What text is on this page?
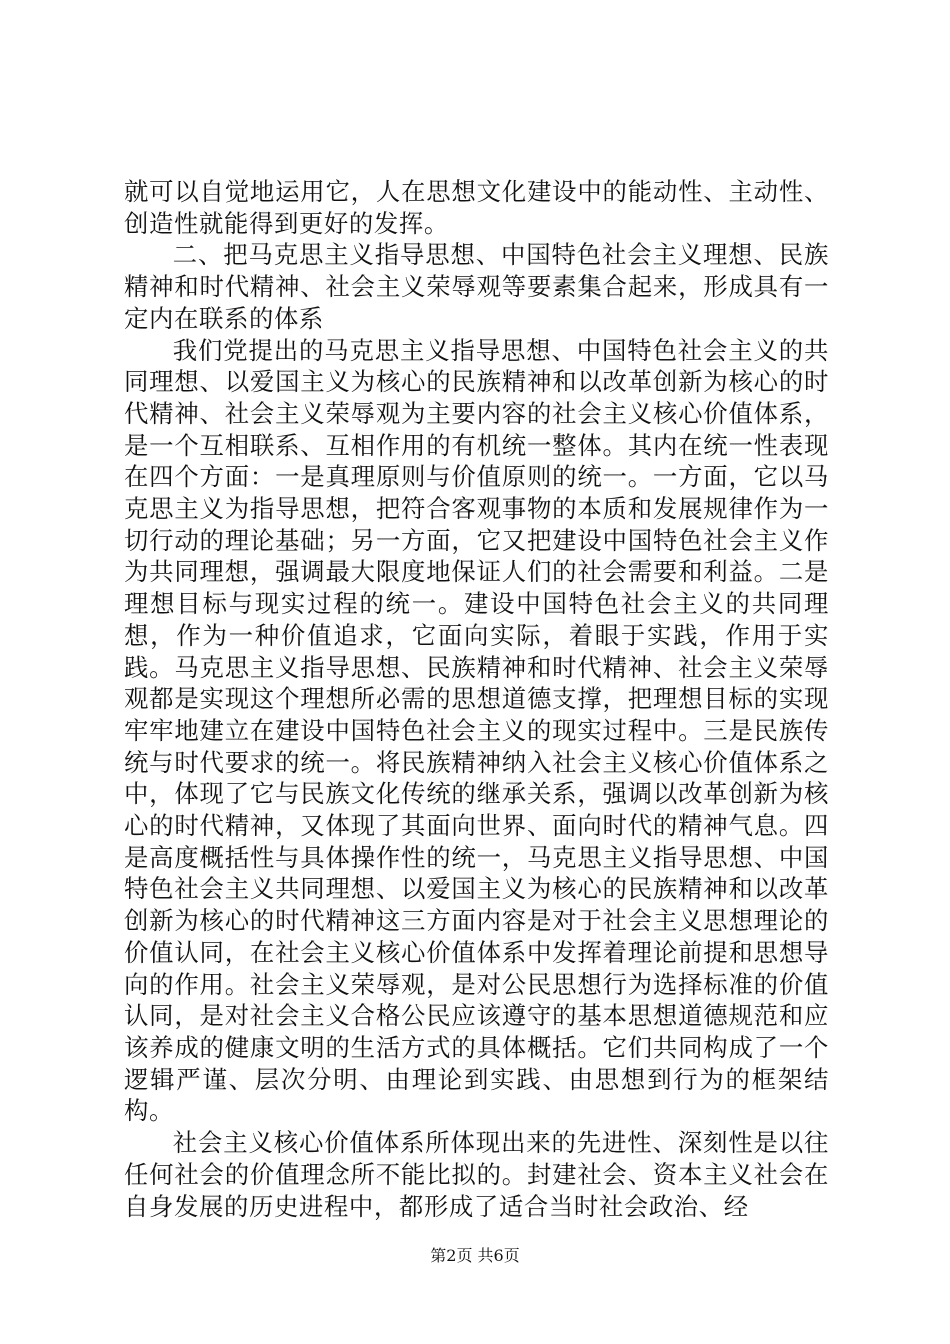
就可以自觉地运用它，人在思想文化建设中的能动性、主动性、创造性就能得到更好的发挥。

二、把马克思主义指导思想、中国特色社会主义理想、民族精神和时代精神、社会主义荣辱观等要素集合起来，形成具有一定内在联系的体系

我们党提出的马克思主义指导思想、中国特色社会主义的共同理想、以爱国主义为核心的民族精神和以改革创新为核心的时代精神、社会主义荣辱观为主要内容的社会主义核心价值体系，是一个互相联系、互相作用的有机统一整体。其内在统一性表现在四个方面：一是真理原则与价值原则的统一。一方面，它以马克思主义为指导思想，把符合客观事物的本质和发展规律作为一切行动的理论基础；另一方面，它又把建设中国特色社会主义作为共同理想，强调最大限度地保证人们的社会需要和利益。二是理想目标与现实过程的统一。建设中国特色社会主义的共同理想，作为一种价值追求，它面向实际，着眼于实践，作用于实践。马克思主义指导思想、民族精神和时代精神、社会主义荣辱观都是实现这个理想所必需的思想道德支撑，把理想目标的实现牢牢地建立在建设中国特色社会主义的现实过程中。三是民族传统与时代要求的统一。将民族精神纳入社会主义核心价值体系之中，体现了它与民族文化传统的继承关系，强调以改革创新为核心的时代精神，又体现了其面向世界、面向时代的精神气息。四是高度概括性与具体操作性的统一，马克思主义指导思想、中国特色社会主义共同理想、以爱国主义为核心的民族精神和以改革创新为核心的时代精神这三方面内容是对于社会主义思想理论的价值认同，在社会主义核心价值体系中发挥着理论前提和思想导向的作用。社会主义荣辱观，是对公民思想行为选择标准的价值认同，是对社会主义合格公民应该遵守的基本思想道德规范和应该养成的健康文明的生活方式的具体概括。它们共同构成了一个逻辑严谨、层次分明、由理论到实践、由思想到行为的框架结构。

社会主义核心价值体系所体现出来的先进性、深刻性是以往任何社会的价值理念所不能比拟的。封建社会、资本主义社会在自身发展的历史进程中，都形成了适合当时社会政治、经

第2页 共6页
